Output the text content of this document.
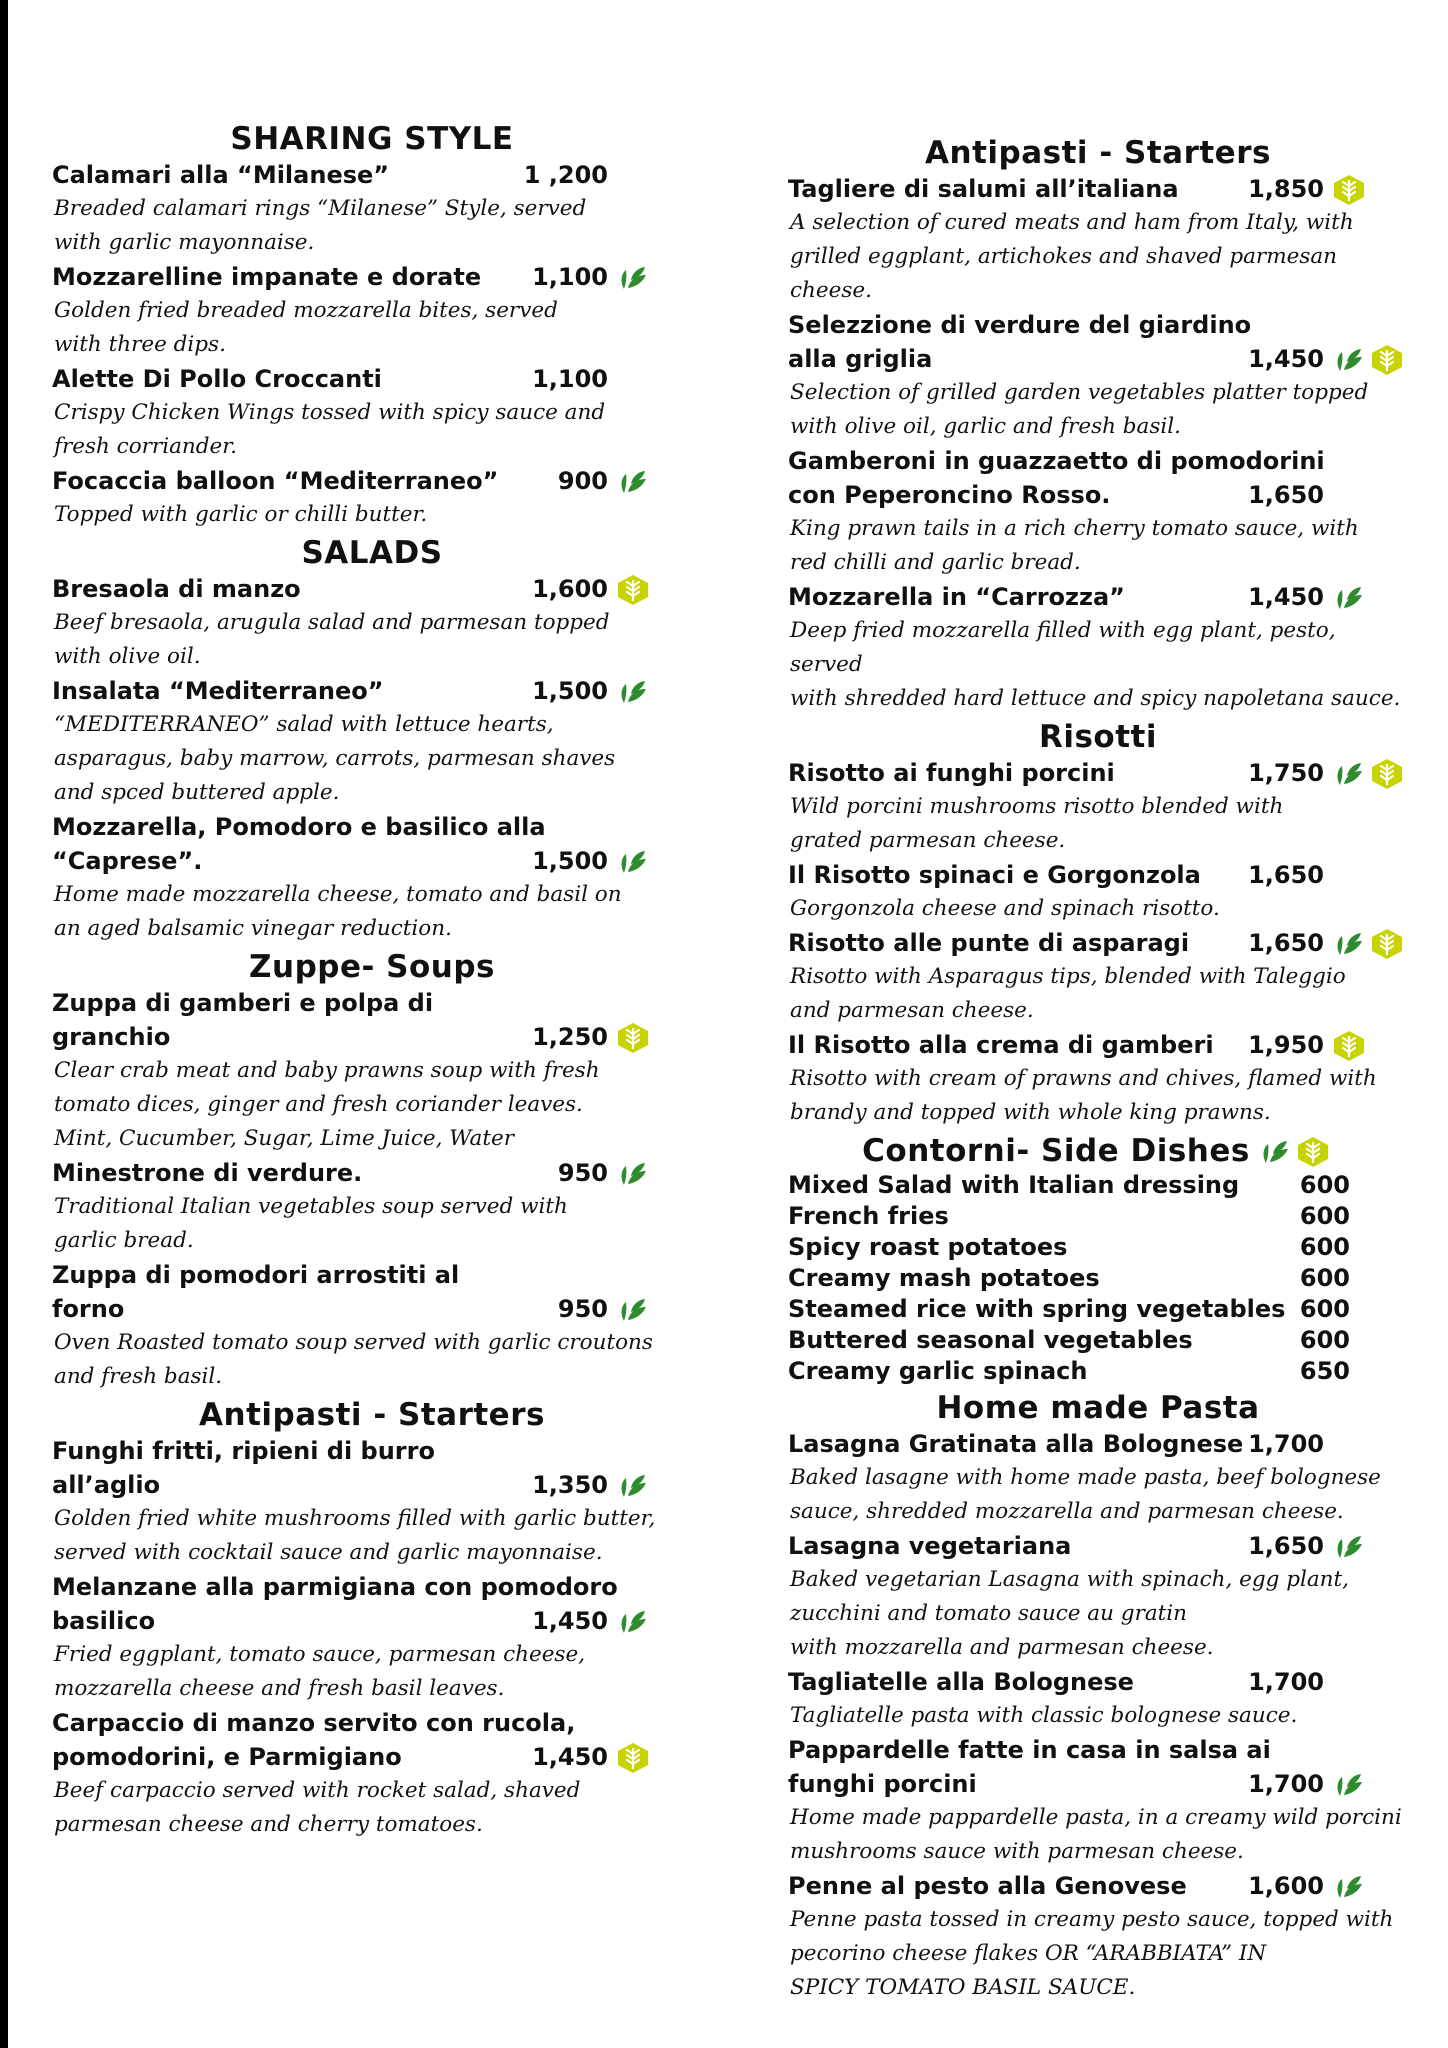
SHARING STYLE
Calamari alla “Milanese”	1 ,200
Breaded calamari rings “Milanese” Style, served
with garlic mayonnaise.
Mozzarelline impanate e dorate 1,100
Golden fried breaded mozzarella bites, served
with three dips.
Alette Di Pollo Croccanti	1,100
Crispy Chicken Wings tossed with spicy sauce and
fresh corriander.
Focaccia balloon “Mediterraneo” 900
Topped with garlic or chilli butter.
SALADS
Bresaola di manzo	1,600
Beef bresaola, arugula salad and parmesan topped
with olive oil.
Insalata “Mediterraneo”	1,500
“MEDITERRANEO” salad with lettuce hearts,
asparagus, baby marrow, carrots, parmesan shaves
and spced buttered apple.
Mozzarella, Pomodoro e basilico alla
“Caprese”.	1,500
Home made mozzarella cheese, tomato and basil on
an aged balsamic vinegar reduction.
Zuppe- Soups
Zuppa di gamberi e polpa di
granchio	1,250
Clear crab meat and baby prawns soup with fresh
tomato dices, ginger and fresh coriander leaves.
Mint, Cucumber, Sugar, Lime Juice, Water
Minestrone di verdure.	950
Traditional Italian vegetables soup served with
garlic bread.
Zuppa di pomodori arrostiti al
forno	950
Oven Roasted tomato soup served with garlic croutons
and fresh basil.
Antipasti - Starters
Funghi fritti, ripieni di burro
all’aglio	1,350
Golden fried white mushrooms filled with garlic butter,
served with cocktail sauce and garlic mayonnaise.
Melanzane alla parmigiana con pomodoro
basilico	1,450
Fried eggplant, tomato sauce, parmesan cheese,
mozzarella cheese and fresh basil leaves.
Carpaccio di manzo servito con rucola,
pomodorini, e Parmigiano	1,450
Beef carpaccio served with rocket salad, shaved
parmesan cheese and cherry tomatoes.
Antipasti - Starters
Tagliere di salumi all’italiana	1,850
A selection of cured meats and ham from Italy, with
grilled eggplant, artichokes and shaved parmesan cheese.
Selezzione di verdure del giardino
alla griglia	1,450
Selection of grilled garden vegetables platter topped
with olive oil, garlic and fresh basil.
Gamberoni in guazzaetto di pomodorini
con Peperoncino Rosso.	1,650
King prawn tails in a rich cherry tomato sauce, with
red chilli and garlic bread.
Mozzarella in “Carrozza”	1,450
Deep fried mozzarella filled with egg plant, pesto, served
with shredded hard lettuce and spicy napoletana sauce.
Risotti
Risotto ai funghi porcini	1,750
Wild porcini mushrooms risotto blended with
grated parmesan cheese.
Il Risotto spinaci e Gorgonzola 1,650
Gorgonzola cheese and spinach risotto.
Risotto alle punte di asparagi 1,650
Risotto with Asparagus tips, blended with Taleggio
and parmesan cheese.
Il Risotto alla crema di gamberi 1,950
Risotto with cream of prawns and chives, flamed with
brandy and topped with whole king prawns.
Contorni- Side Dishes
Mixed Salad with Italian dressing	600
French fries	600
Spicy roast potatoes	600
Creamy mash potatoes	600
Steamed rice with spring vegetables 600
Buttered seasonal vegetables	600
Creamy garlic spinach	650
Home made Pasta
Lasagna Gratinata alla Bolognese 1,700
Baked lasagne with home made pasta, beef bolognese
sauce, shredded mozzarella and parmesan cheese.
Lasagna vegetariana	1,650
Baked vegetarian Lasagna with spinach, egg plant,
zucchini and tomato sauce au gratin
with mozzarella and parmesan cheese.
Tagliatelle alla Bolognese	1,700
Tagliatelle pasta with classic bolognese sauce.
Pappardelle fatte in casa in salsa ai
funghi porcini	1,700
Home made pappardelle pasta, in a creamy wild porcini
mushrooms sauce with parmesan cheese.
Penne al pesto alla Genovese	1,600
Penne pasta tossed in creamy pesto sauce, topped with
pecorino cheese flakes OR “ARABBIATA” IN
SPICY TOMATO BASIL SAUCE.
